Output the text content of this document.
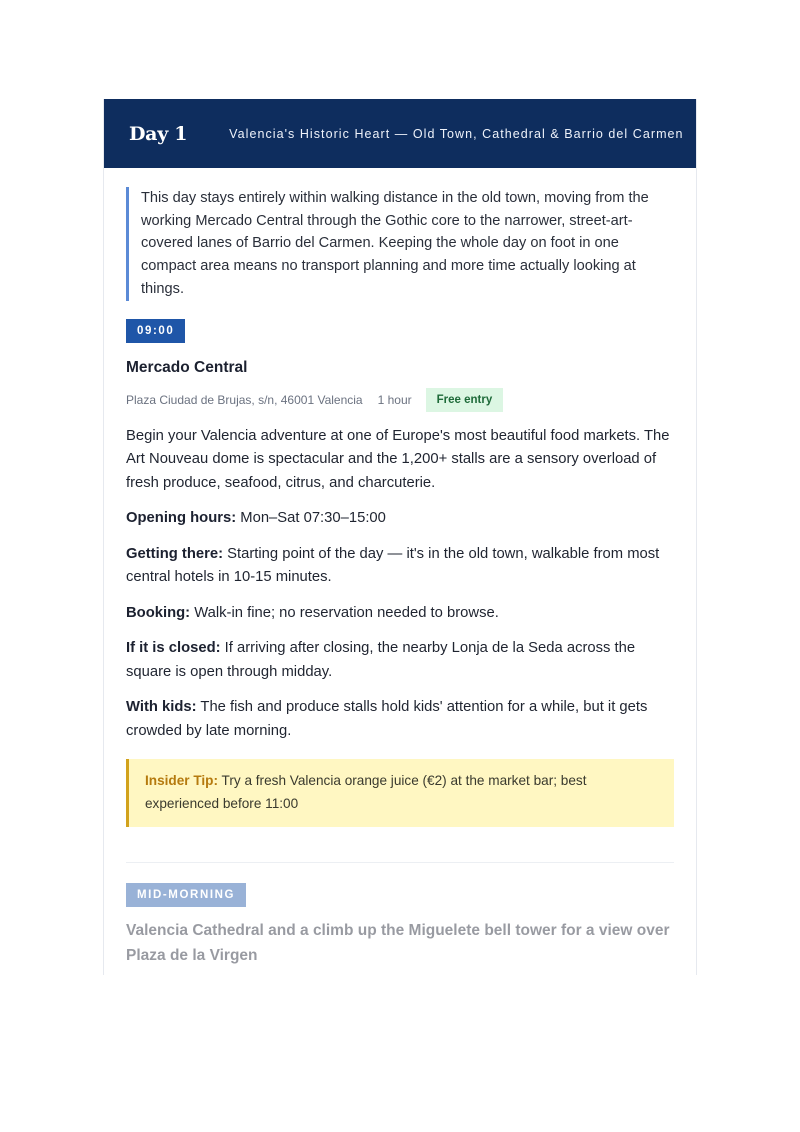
Day 1	Valencia's Historic Heart — Old Town, Cathedral & Barrio del Carmen
This day stays entirely within walking distance in the old town, moving from the working Mercado Central through the Gothic core to the narrower, street-art-covered lanes of Barrio del Carmen. Keeping the whole day on foot in one compact area means no transport planning and more time actually looking at things.
09:00
Mercado Central
Plaza Ciudad de Brujas, s/n, 46001 Valencia 1 hour	Free entry
Begin your Valencia adventure at one of Europe's most beautiful food markets. The Art Nouveau dome is spectacular and the 1,200+ stalls are a sensory overload of fresh produce, seafood, citrus, and charcuterie.
Opening hours: Mon–Sat 07:30–15:00
Getting there: Starting point of the day — it's in the old town, walkable from most central hotels in 10-15 minutes.
Booking: Walk-in fine; no reservation needed to browse.
If it is closed: If arriving after closing, the nearby Lonja de la Seda across the square is open through midday.
With kids: The fish and produce stalls hold kids' attention for a while, but it gets crowded by late morning.
Insider Tip: Try a fresh Valencia orange juice (€2) at the market bar; best experienced before 11:00
MID-MORNING
Valencia Cathedral and a climb up the Miguelete bell tower for a view over Plaza de la Virgen
